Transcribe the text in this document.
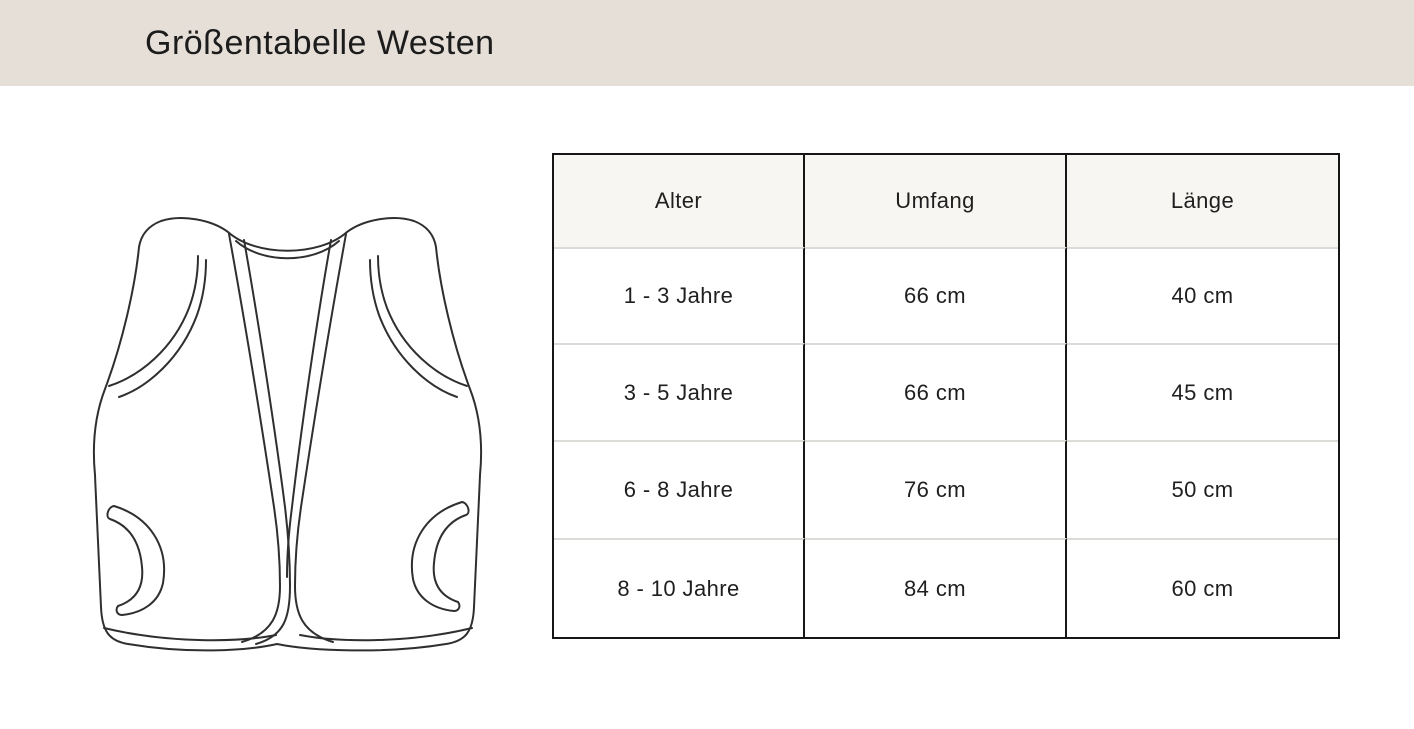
Größentabelle Westen
Alter	Umfang	Länge
1 - 3 Jahre	66 cm	40 cm
3 - 5 Jahre	66 cm	45 cm
6 - 8 Jahre	76 cm	50 cm
8 - 10 Jahre	84 cm	60 cm
